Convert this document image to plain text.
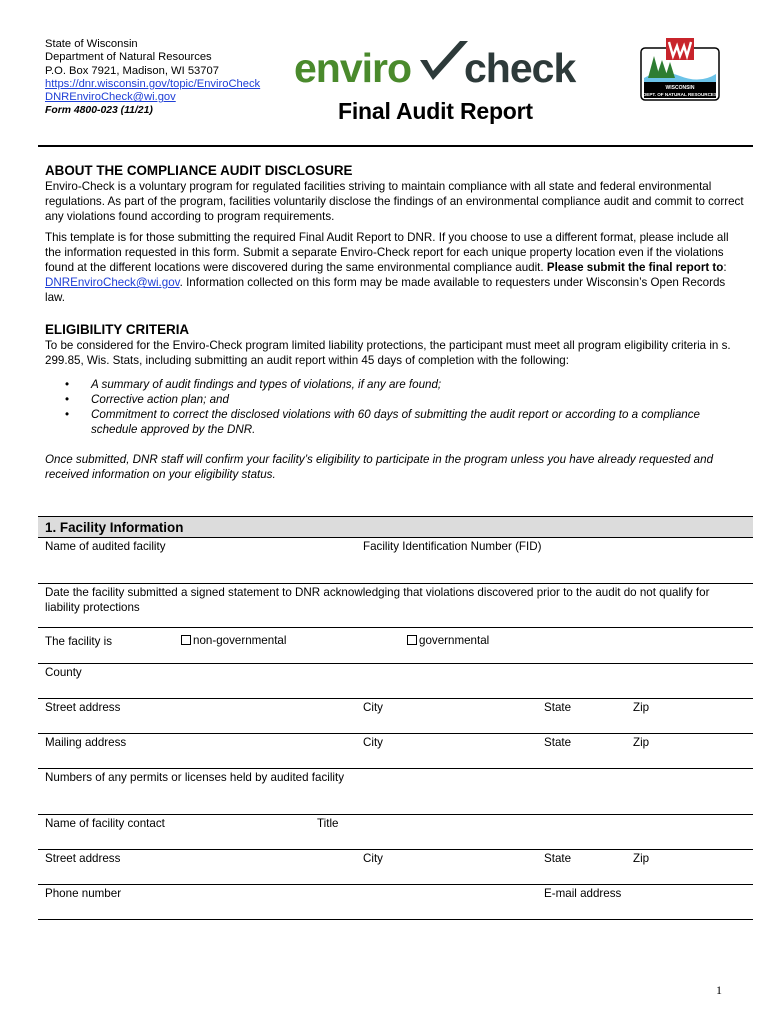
State of Wisconsin
Department of Natural Resources
P.O. Box 7921, Madison, WI 53707
https://dnr.wisconsin.gov/topic/EnviroCheck
DNREnviroCheck@wi.gov
Form 4800-023 (11/21)
enviro check
Final Audit Report
WISCONSIN
DEPT. OF NATURAL RESOURCES
ABOUT THE COMPLIANCE AUDIT DISCLOSURE

Enviro-Check is a voluntary program for regulated facilities striving to maintain compliance with all state and federal environmental regulations. As part of the program, facilities voluntarily disclose the findings of an environmental compliance audit and commit to correct any violations found according to program requirements.

This template is for those submitting the required Final Audit Report to DNR. If you choose to use a different format, please include all the information requested in this form. Submit a separate Enviro-Check report for each unique property location even if the violations found at the different locations were discovered during the same environmental compliance audit. Please submit the final report to: DNREnviroCheck@wi.gov. Information collected on this form may be made available to requesters under Wisconsin’s Open Records law.

ELIGIBILITY CRITERIA

To be considered for the Enviro-Check program limited liability protections, the participant must meet all program eligibility criteria in s. 299.85, Wis. Stats, including submitting an audit report within 45 days of completion with the following:

• A summary of audit findings and types of violations, if any are found;
• Corrective action plan; and
• Commitment to correct the disclosed violations with 60 days of submitting the audit report or according to a compliance schedule approved by the DNR.

Once submitted, DNR staff will confirm your facility’s eligibility to participate in the program unless you have already requested and received information on your eligibility status.

1. Facility Information
Name of audited facility	Facility Identification Number (FID)
Date the facility submitted a signed statement to DNR acknowledging that violations discovered prior to the audit do not qualify for liability protections
The facility is	non-governmental	governmental
County
Street address	City	State	Zip
Mailing address	City	State	Zip
Numbers of any permits or licenses held by audited facility
Name of facility contact	Title
Street address	City	State	Zip
Phone number	E-mail address
1
